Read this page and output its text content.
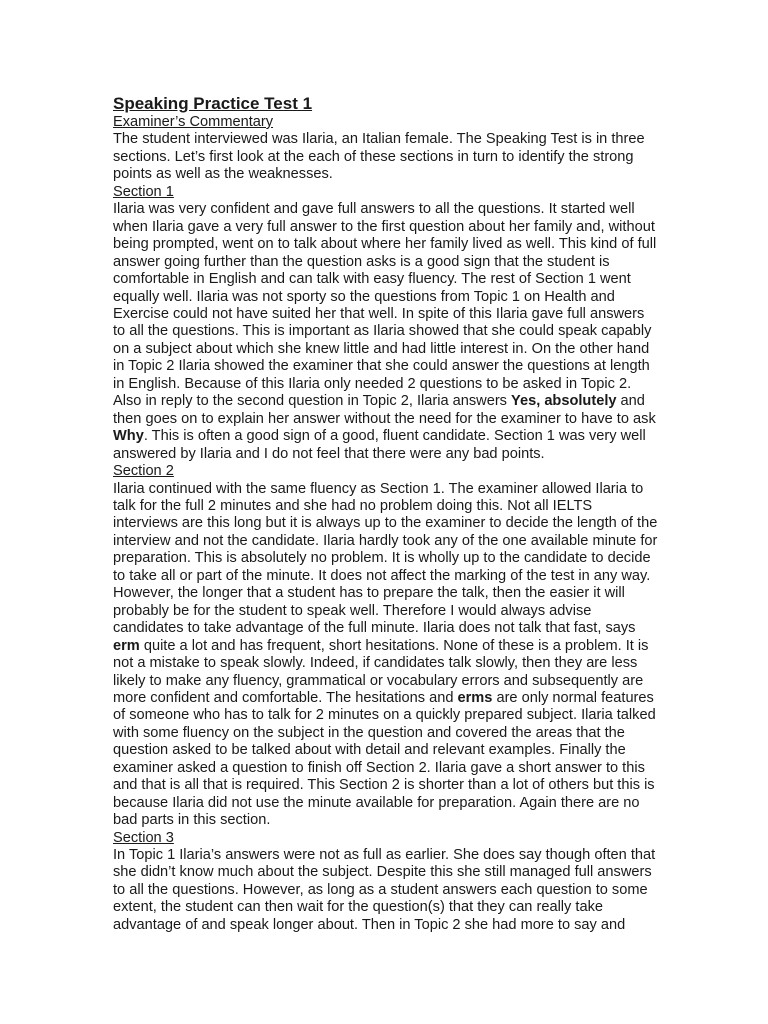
Speaking Practice Test 1

Examiner’s Commentary

The student interviewed was Ilaria, an Italian female. The Speaking Test is in three sections. Let’s first look at the each of these sections in turn to identify the strong points as well as the weaknesses.

Section 1

Ilaria was very confident and gave full answers to all the questions. It started well when Ilaria gave a very full answer to the first question about her family and, without being prompted, went on to talk about where her family lived as well. This kind of full answer going further than the question asks is a good sign that the student is comfortable in English and can talk with easy fluency. The rest of Section 1 went equally well. Ilaria was not sporty so the questions from Topic 1 on Health and Exercise could not have suited her that well. In spite of this Ilaria gave full answers to all the questions. This is important as Ilaria showed that she could speak capably on a subject about which she knew little and had little interest in. On the other hand in Topic 2 Ilaria showed the examiner that she could answer the questions at length in English. Because of this Ilaria only needed 2 questions to be asked in Topic 2. Also in reply to the second question in Topic 2, Ilaria answers Yes, absolutely and then goes on to explain her answer without the need for the examiner to have to ask Why. This is often a good sign of a good, fluent candidate. Section 1 was very well answered by Ilaria and I do not feel that there were any bad points.

Section 2

Ilaria continued with the same fluency as Section 1. The examiner allowed Ilaria to talk for the full 2 minutes and she had no problem doing this. Not all IELTS interviews are this long but it is always up to the examiner to decide the length of the interview and not the candidate. Ilaria hardly took any of the one available minute for preparation. This is absolutely no problem. It is wholly up to the candidate to decide to take all or part of the minute. It does not affect the marking of the test in any way. However, the longer that a student has to prepare the talk, then the easier it will probably be for the student to speak well. Therefore I would always advise candidates to take advantage of the full minute. Ilaria does not talk that fast, says erm quite a lot and has frequent, short hesitations. None of these is a problem. It is not a mistake to speak slowly. Indeed, if candidates talk slowly, then they are less likely to make any fluency, grammatical or vocabulary errors and subsequently are more confident and comfortable. The hesitations and erms are only normal features of someone who has to talk for 2 minutes on a quickly prepared subject. Ilaria talked with some fluency on the subject in the question and covered the areas that the question asked to be talked about with detail and relevant examples. Finally the examiner asked a question to finish off Section 2. Ilaria gave a short answer to this and that is all that is required. This Section 2 is shorter than a lot of others but this is because Ilaria did not use the minute available for preparation. Again there are no bad parts in this section.

Section 3

In Topic 1 Ilaria’s answers were not as full as earlier. She does say though often that she didn’t know much about the subject. Despite this she still managed full answers to all the questions. However, as long as a student answers each question to some extent, the student can then wait for the question(s) that they can really take advantage of and speak longer about. Then in Topic 2 she had more to say and
